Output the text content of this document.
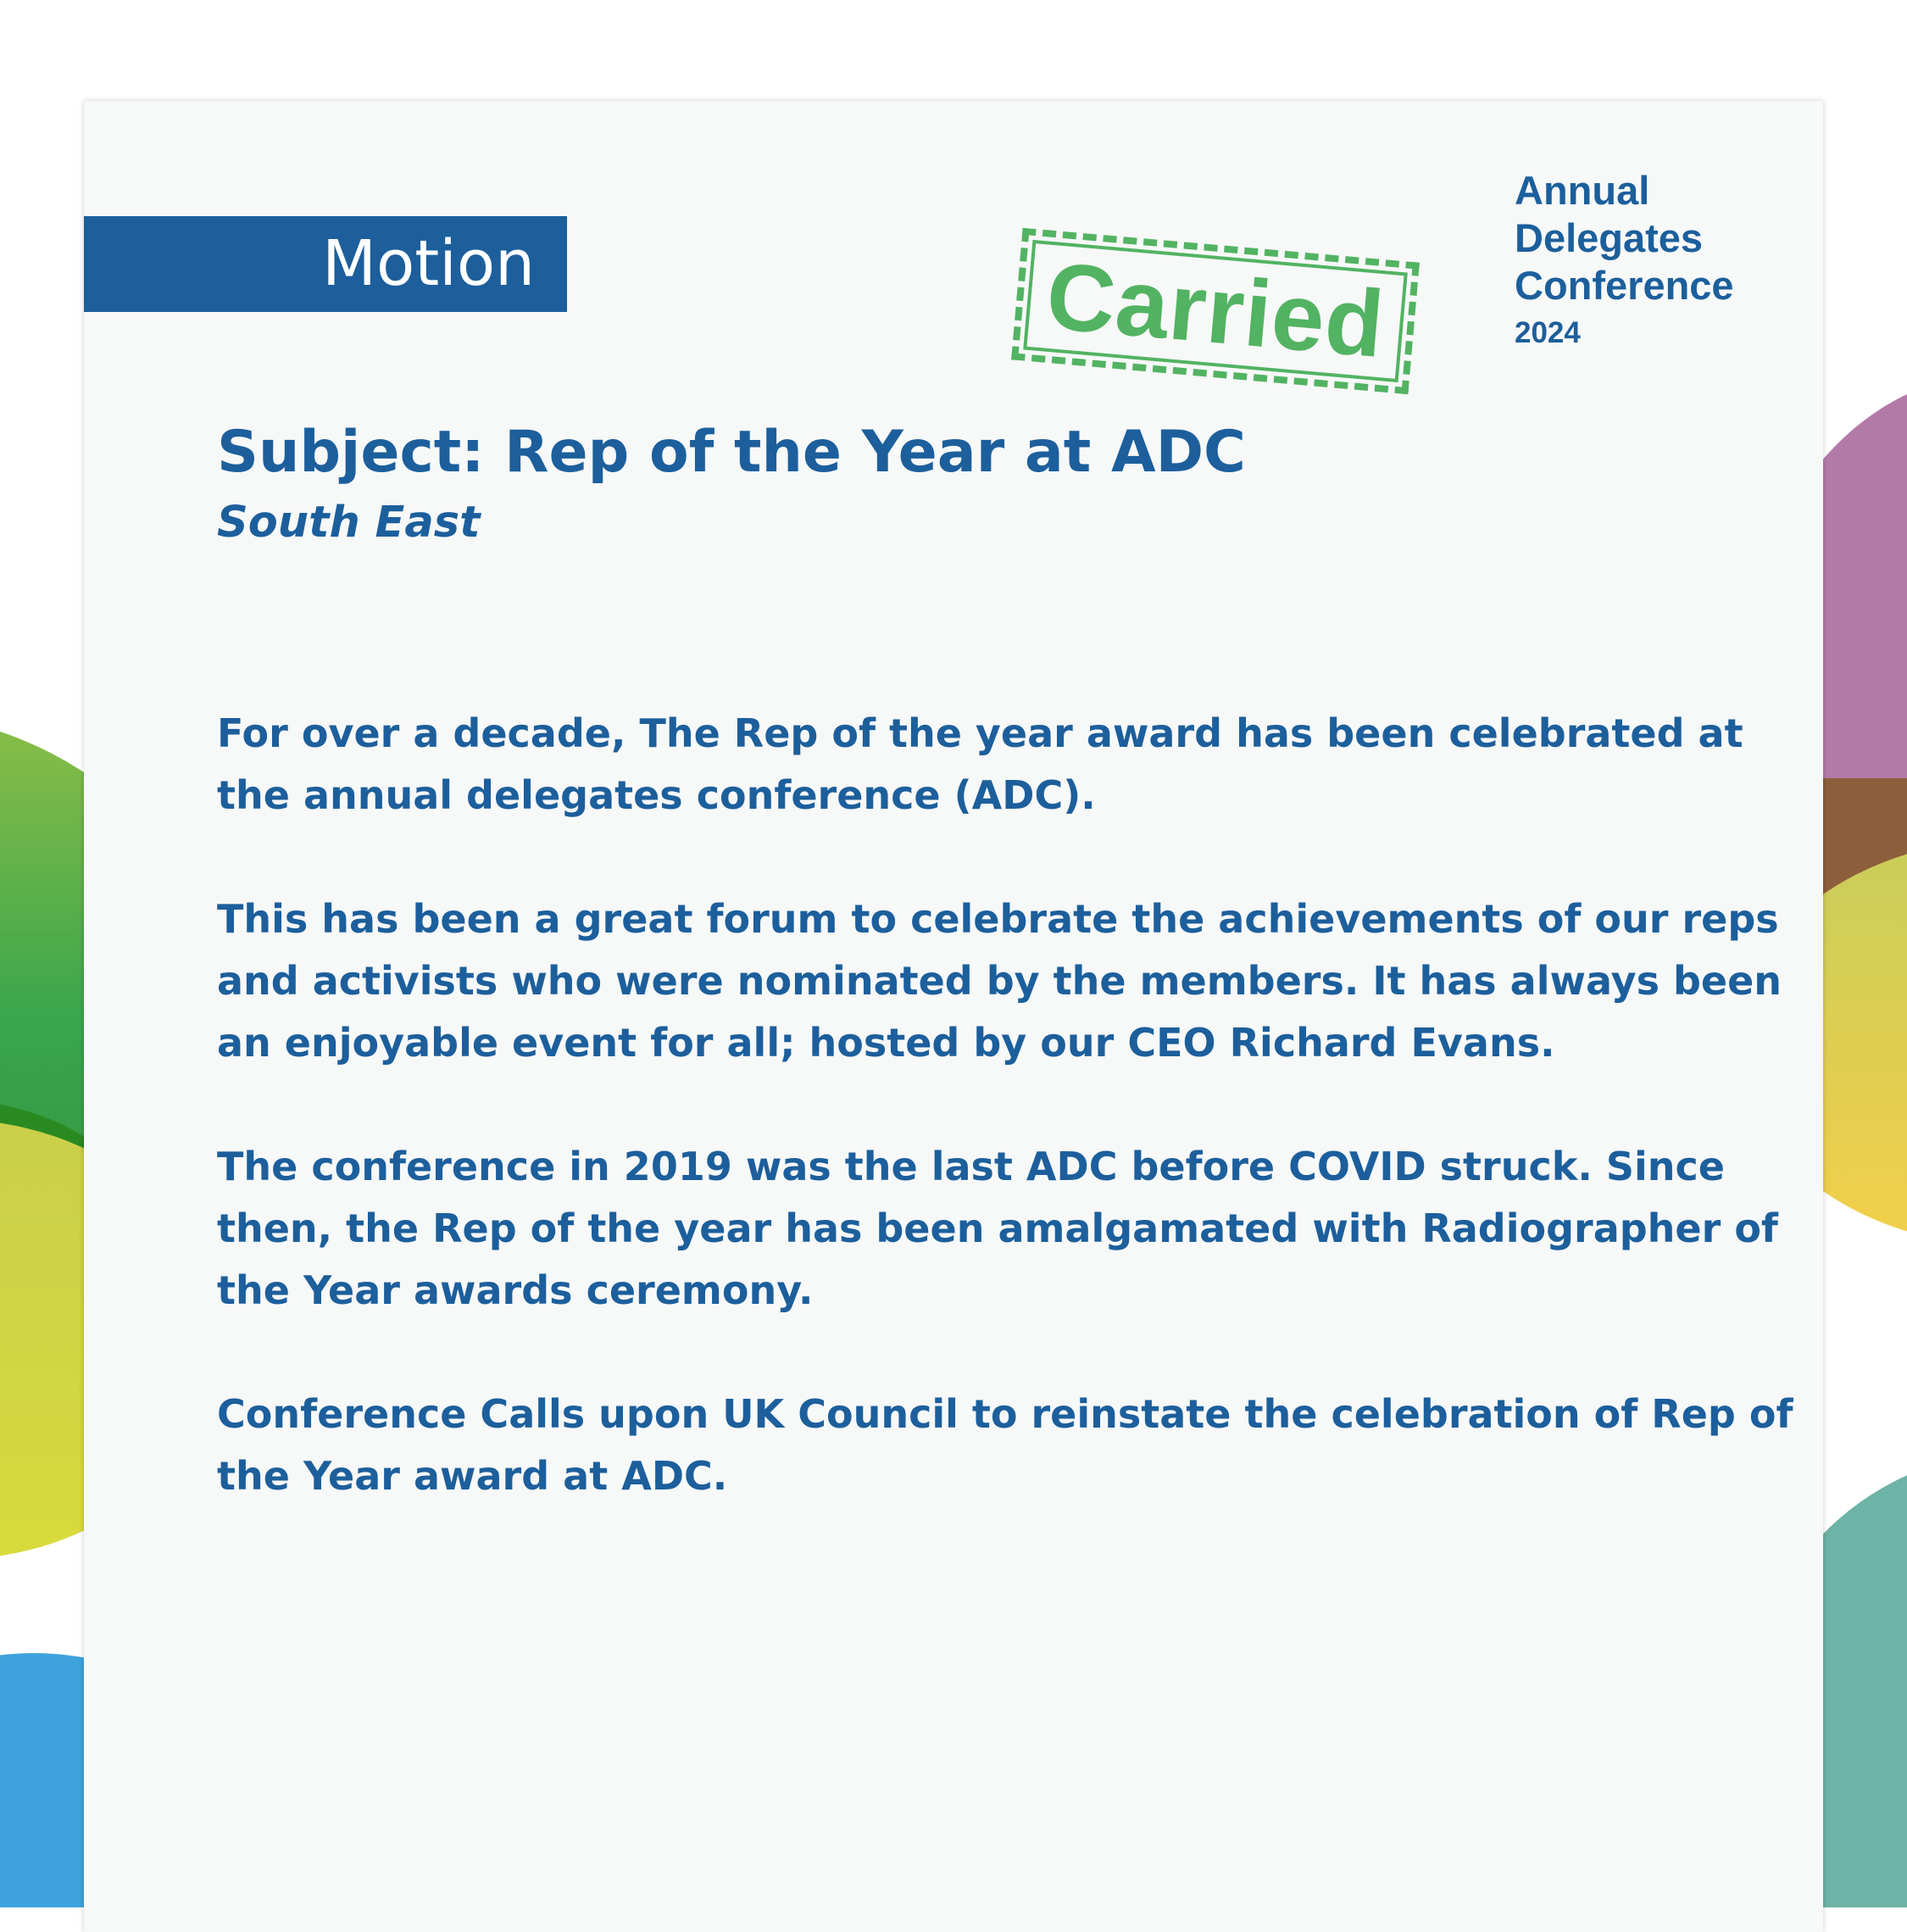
Motion	Carried
Annual
Delegates
Conference
2024
Subject: Rep of the Year at ADC
South East

For over a decade, The Rep of the year award has been celebrated at the annual delegates conference (ADC).

This has been a great forum to celebrate the achievements of our reps and activists who were nominated by the members. It has always been an enjoyable event for all; hosted by our CEO Richard Evans.

The conference in 2019 was the last ADC before COVID struck. Since then, the Rep of the year has been amalgamated with Radiographer of the Year awards ceremony.

Conference Calls upon UK Council to reinstate the celebration of Rep of the Year award at ADC.
